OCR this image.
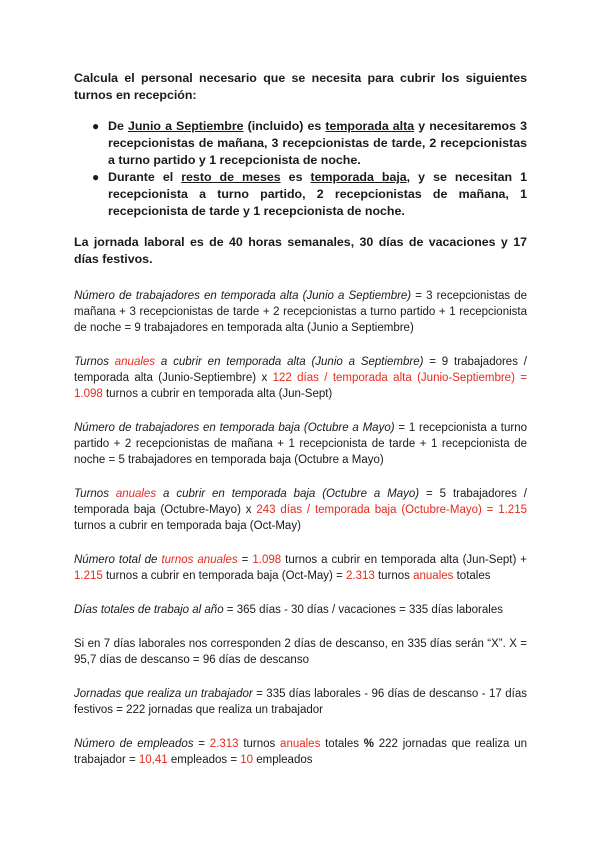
Calcula el personal necesario que se necesita para cubrir los siguientes turnos en recepción:
● De Junio a Septiembre (incluido) es temporada alta y necesitaremos 3 recepcionistas de mañana, 3 recepcionistas de tarde, 2 recepcionistas a turno partido y 1 recepcionista de noche.
● Durante el resto de meses es temporada baja, y se necesitan 1 recepcionista a turno partido, 2 recepcionistas de mañana, 1 recepcionista de tarde y 1 recepcionista de noche.
La jornada laboral es de 40 horas semanales, 30 días de vacaciones y 17 días festivos.

Número de trabajadores en temporada alta (Junio a Septiembre) = 3 recepcionistas de mañana + 3 recepcionistas de tarde + 2 recepcionistas a turno partido + 1 recepcionista de noche = 9 trabajadores en temporada alta (Junio a Septiembre)

Turnos anuales a cubrir en temporada alta (Junio a Septiembre) = 9 trabajadores / temporada alta (Junio-Septiembre) x 122 días / temporada alta (Junio-Septiembre) = 1.098 turnos a cubrir en temporada alta (Jun-Sept)

Número de trabajadores en temporada baja (Octubre a Mayo) = 1 recepcionista a turno partido + 2 recepcionistas de mañana + 1 recepcionista de tarde + 1 recepcionista de noche = 5 trabajadores en temporada baja (Octubre a Mayo)

Turnos anuales a cubrir en temporada baja (Octubre a Mayo) = 5 trabajadores / temporada baja (Octubre-Mayo) x 243 días / temporada baja (Octubre-Mayo) = 1.215 turnos a cubrir en temporada baja (Oct-May)

Número total de turnos anuales = 1.098 turnos a cubrir en temporada alta (Jun-Sept) + 1.215 turnos a cubrir en temporada baja (Oct-May) = 2.313 turnos anuales totales

Días totales de trabajo al año = 365 días - 30 días / vacaciones = 335 días laborales

Si en 7 días laborales nos corresponden 2 días de descanso, en 335 días serán “X”. X = 95,7 días de descanso = 96 días de descanso

Jornadas que realiza un trabajador = 335 días laborales - 96 días de descanso - 17 días festivos = 222 jornadas que realiza un trabajador

Número de empleados = 2.313 turnos anuales totales % 222 jornadas que realiza un trabajador = 10,41 empleados = 10 empleados
